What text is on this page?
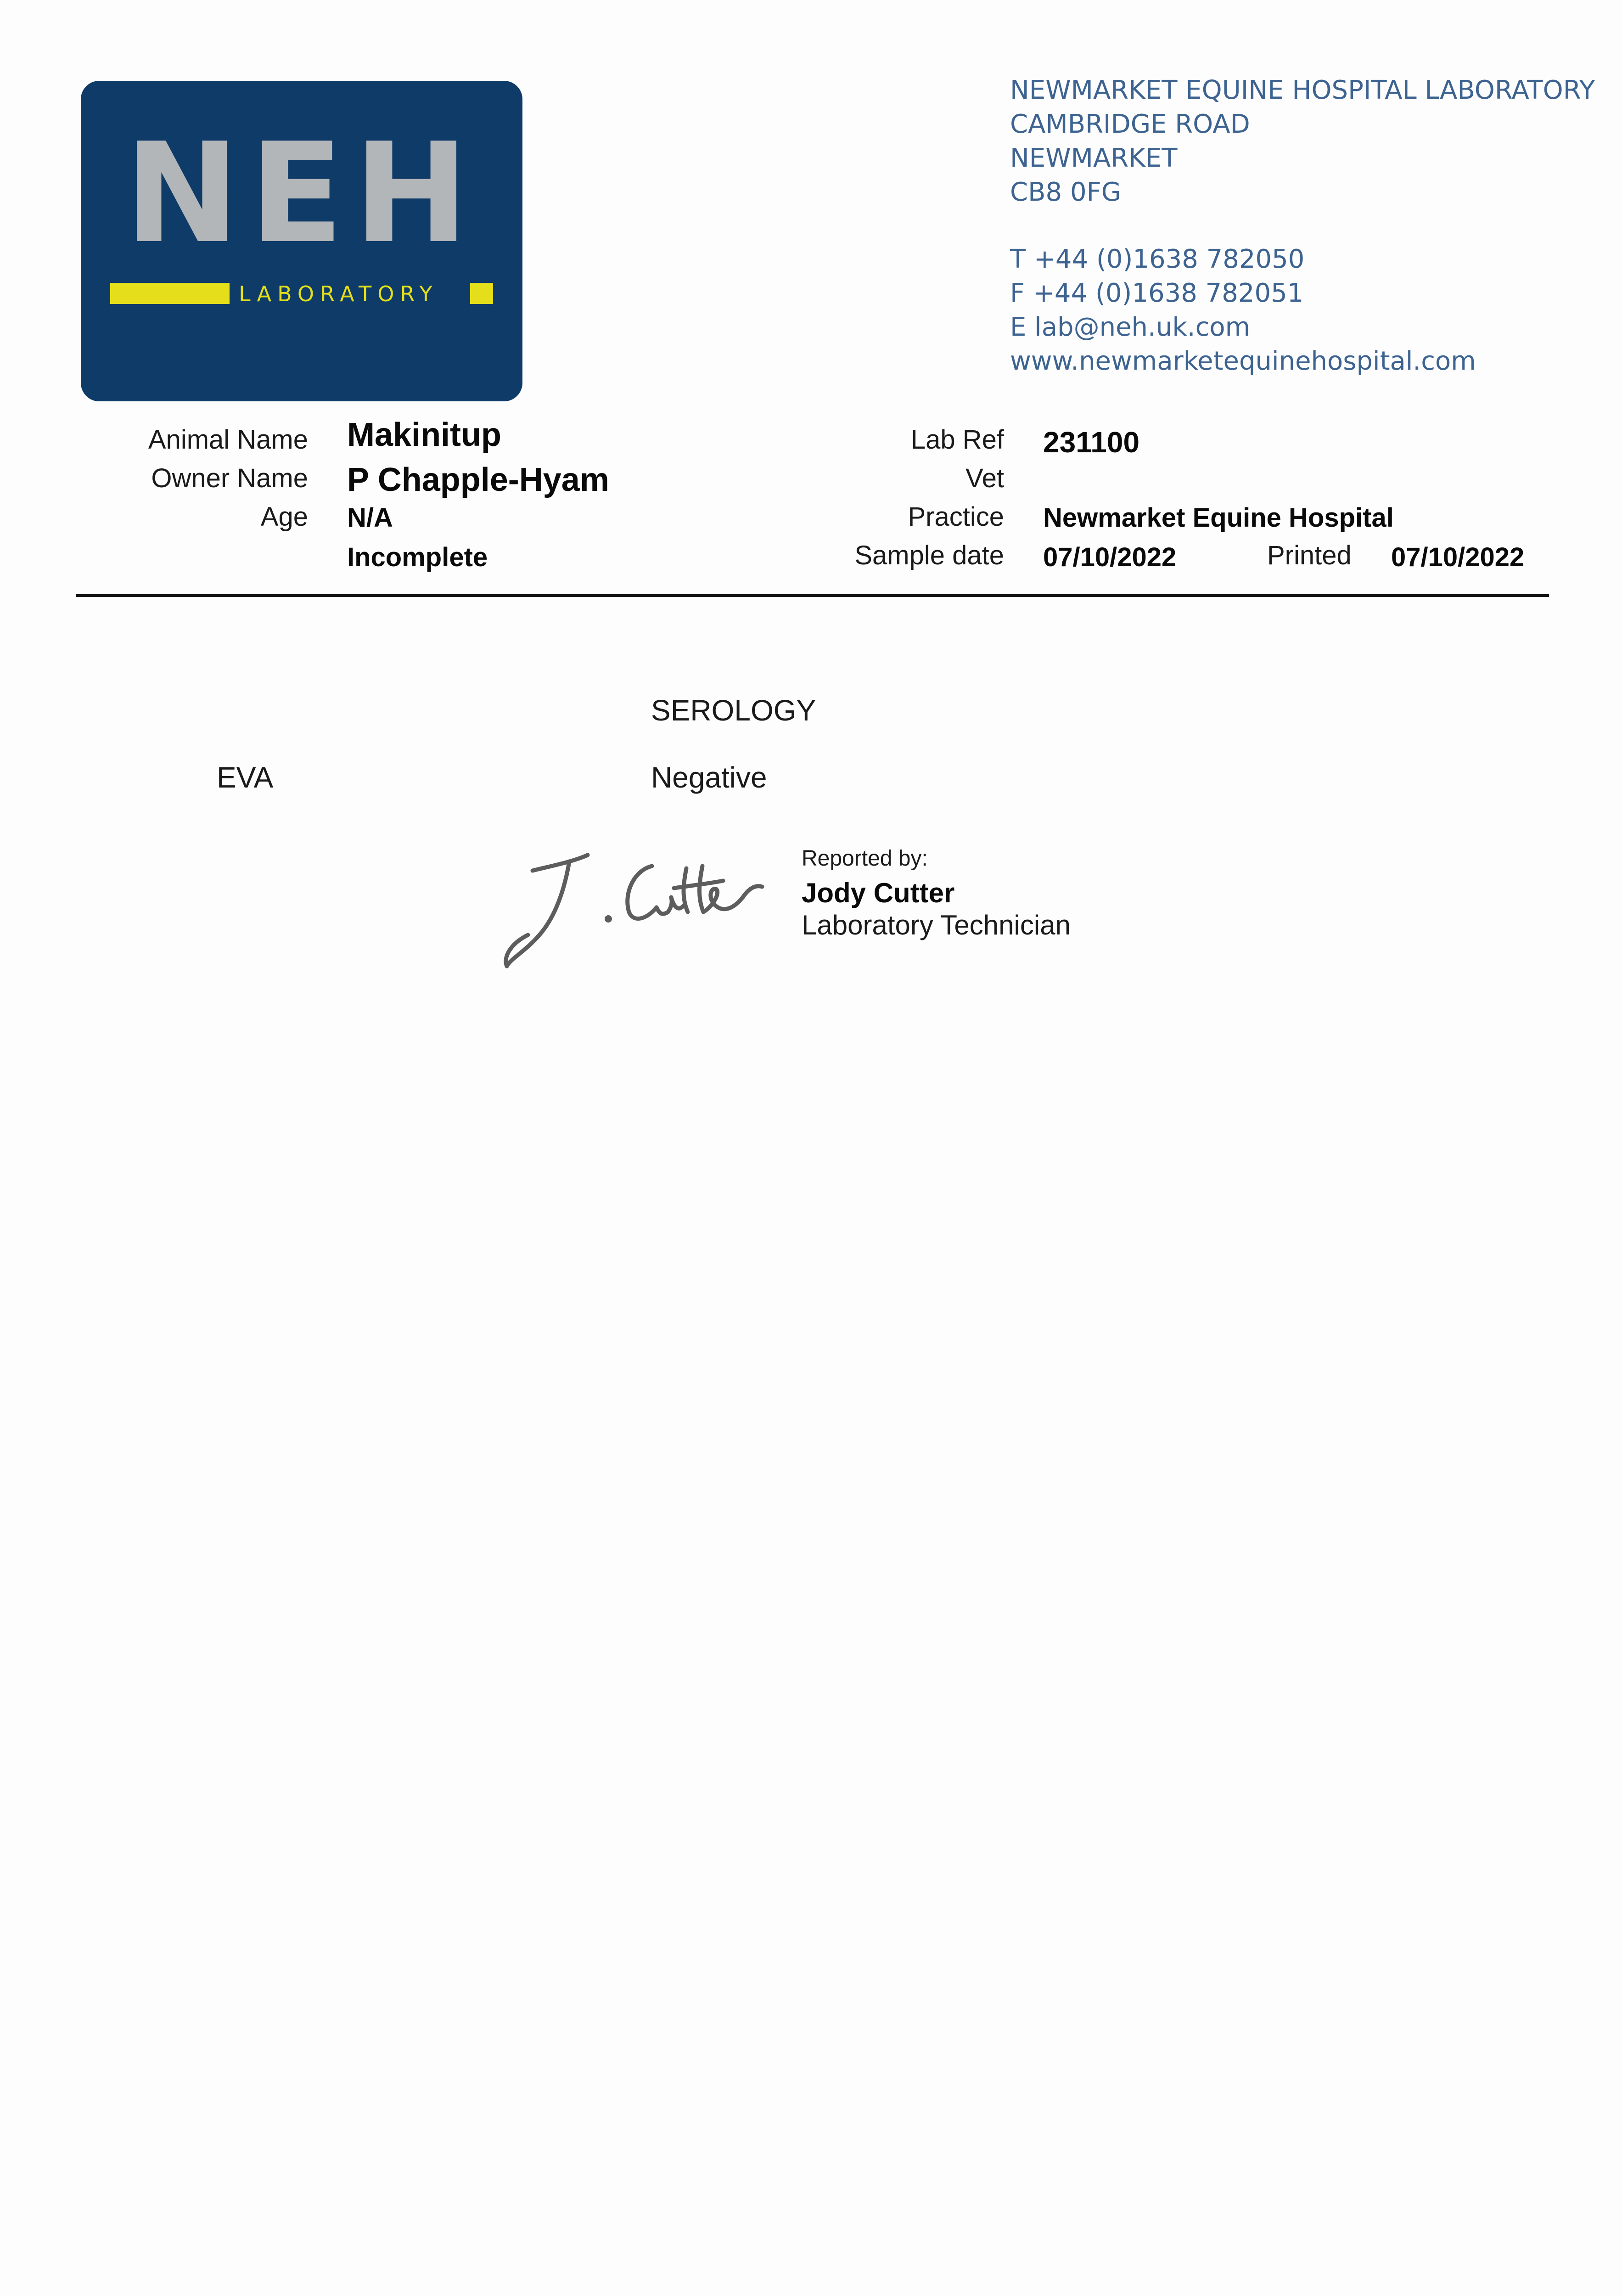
NEH
LABORATORY
NEWMARKET EQUINE HOSPITAL LABORATORY
CAMBRIDGE ROAD
NEWMARKET
CB8 0FG
T +44 (0)1638 782050
F +44 (0)1638 782051
E lab@neh.uk.com
www.newmarketequinehospital.com
Animal Name Makinitup
Owner Name P Chapple-Hyam
Age N/A
Incomplete
Lab Ref 231100
Vet
Practice Newmarket Equine Hospital
Sample date 07/10/2022	Printed 07/10/2022
SEROLOGY
EVA	Negative
Reported by:
Jody Cutter
Laboratory Technician
